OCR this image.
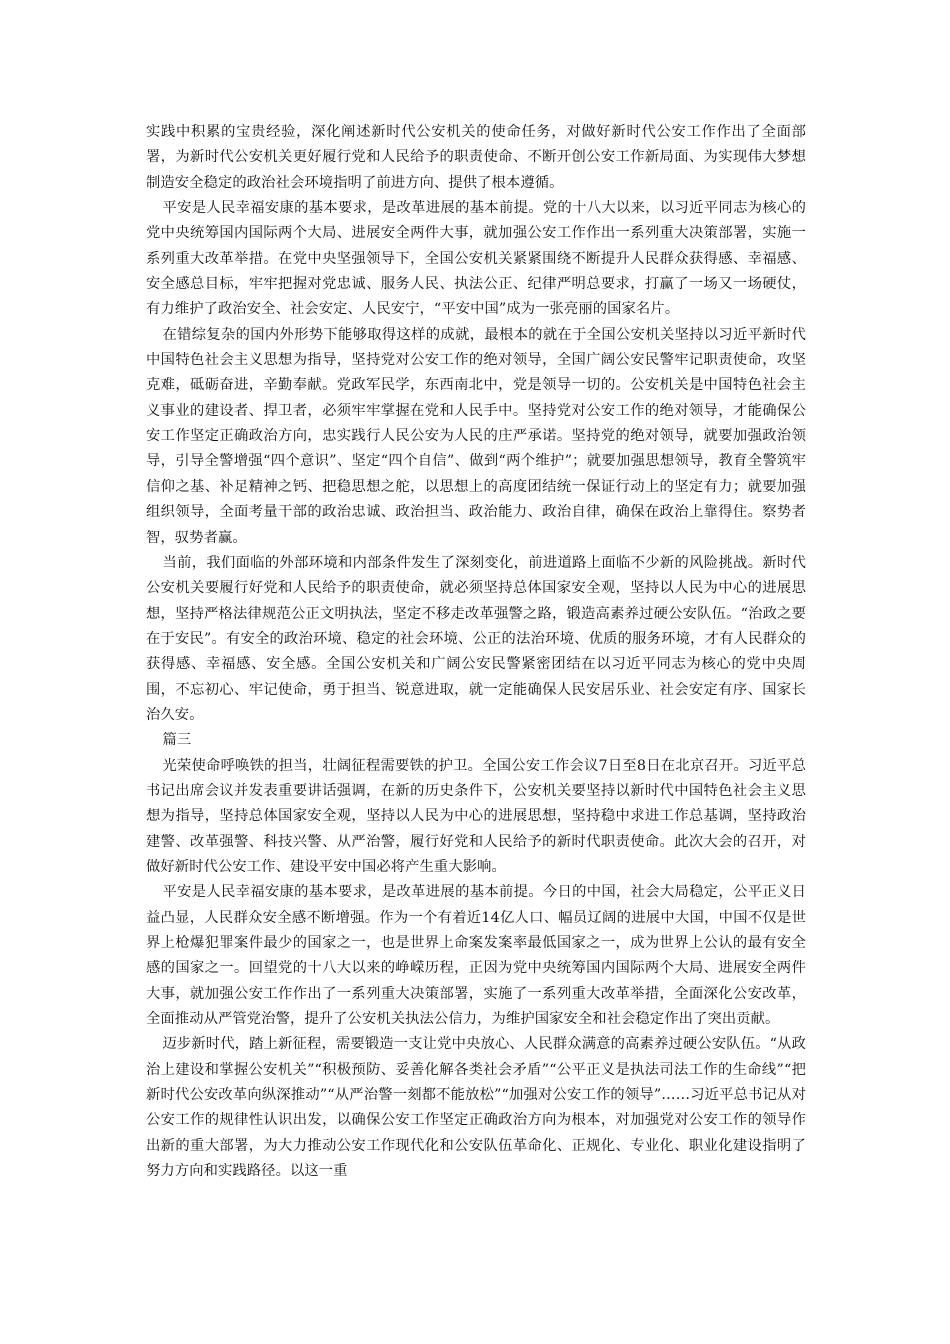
实践中积累的宝贵经验，深化阐述新时代公安机关的使命任务，对做好新时代公安工作作出了全面部署，为新时代公安机关更好履行党和人民给予的职责使命、不断开创公安工作新局面、为实现伟大梦想制造安全稳定的政治社会环境指明了前进方向、提供了根本遵循。

平安是人民幸福安康的基本要求，是改革进展的基本前提。党的十八大以来，以习近平同志为核心的党中央统筹国内国际两个大局、进展安全两件大事，就加强公安工作作出一系列重大决策部署，实施一系列重大改革举措。在党中央坚强领导下，全国公安机关紧紧围绕不断提升人民群众获得感、幸福感、安全感总目标，牢牢把握对党忠诚、服务人民、执法公正、纪律严明总要求，打赢了一场又一场硬仗，有力维护了政治安全、社会安定、人民安宁，“平安中国”成为一张亮丽的国家名片。

在错综复杂的国内外形势下能够取得这样的成就，最根本的就在于全国公安机关坚持以习近平新时代中国特色社会主义思想为指导，坚持党对公安工作的绝对领导，全国广阔公安民警牢记职责使命，攻坚克难，砥砺奋进，辛勤奉献。党政军民学，东西南北中，党是领导一切的。公安机关是中国特色社会主义事业的建设者、捍卫者，必须牢牢掌握在党和人民手中。坚持党对公安工作的绝对领导，才能确保公安工作坚定正确政治方向，忠实践行人民公安为人民的庄严承诺。坚持党的绝对领导，就要加强政治领导，引导全警增强“四个意识”、坚定“四个自信”、做到“两个维护”；就要加强思想领导，教育全警筑牢信仰之基、补足精神之钙、把稳思想之舵，以思想上的高度团结统一保证行动上的坚定有力；就要加强组织领导，全面考量干部的政治忠诚、政治担当、政治能力、政治自律，确保在政治上靠得住。察势者智，驭势者赢。

当前，我们面临的外部环境和内部条件发生了深刻变化，前进道路上面临不少新的风险挑战。新时代公安机关要履行好党和人民给予的职责使命，就必须坚持总体国家安全观，坚持以人民为中心的进展思想，坚持严格法律规范公正文明执法，坚定不移走改革强警之路，锻造高素养过硬公安队伍。“治政之要在于安民”。有安全的政治环境、稳定的社会环境、公正的法治环境、优质的服务环境，才有人民群众的获得感、幸福感、安全感。全国公安机关和广阔公安民警紧密团结在以习近平同志为核心的党中央周围，不忘初心、牢记使命，勇于担当、锐意进取，就一定能确保人民安居乐业、社会安定有序、国家长治久安。

篇三

光荣使命呼唤铁的担当，壮阔征程需要铁的护卫。全国公安工作会议7日至8日在北京召开。习近平总书记出席会议并发表重要讲话强调，在新的历史条件下，公安机关要坚持以新时代中国特色社会主义思想为指导，坚持总体国家安全观，坚持以人民为中心的进展思想，坚持稳中求进工作总基调，坚持政治建警、改革强警、科技兴警、从严治警，履行好党和人民给予的新时代职责使命。此次大会的召开，对做好新时代公安工作、建设平安中国必将产生重大影响。

平安是人民幸福安康的基本要求，是改革进展的基本前提。今日的中国，社会大局稳定，公平正义日益凸显，人民群众安全感不断增强。作为一个有着近14亿人口、幅员辽阔的进展中大国，中国不仅是世界上枪爆犯罪案件最少的国家之一，也是世界上命案发案率最低国家之一，成为世界上公认的最有安全感的国家之一。回望党的十八大以来的峥嵘历程，正因为党中央统筹国内国际两个大局、进展安全两件大事，就加强公安工作作出了一系列重大决策部署，实施了一系列重大改革举措，全面深化公安改革，全面推动从严管党治警，提升了公安机关执法公信力，为维护国家安全和社会稳定作出了突出贡献。

迈步新时代，踏上新征程，需要锻造一支让党中央放心、人民群众满意的高素养过硬公安队伍。“从政治上建设和掌握公安机关”“积极预防、妥善化解各类社会矛盾”“公平正义是执法司法工作的生命线”“把新时代公安改革向纵深推动”“从严治警一刻都不能放松”“加强对公安工作的领导”……习近平总书记从对公安工作的规律性认识出发，以确保公安工作坚定正确政治方向为根本，对加强党对公安工作的领导作出新的重大部署，为大力推动公安工作现代化和公安队伍革命化、正规化、专业化、职业化建设指明了努力方向和实践路径。以这一重
